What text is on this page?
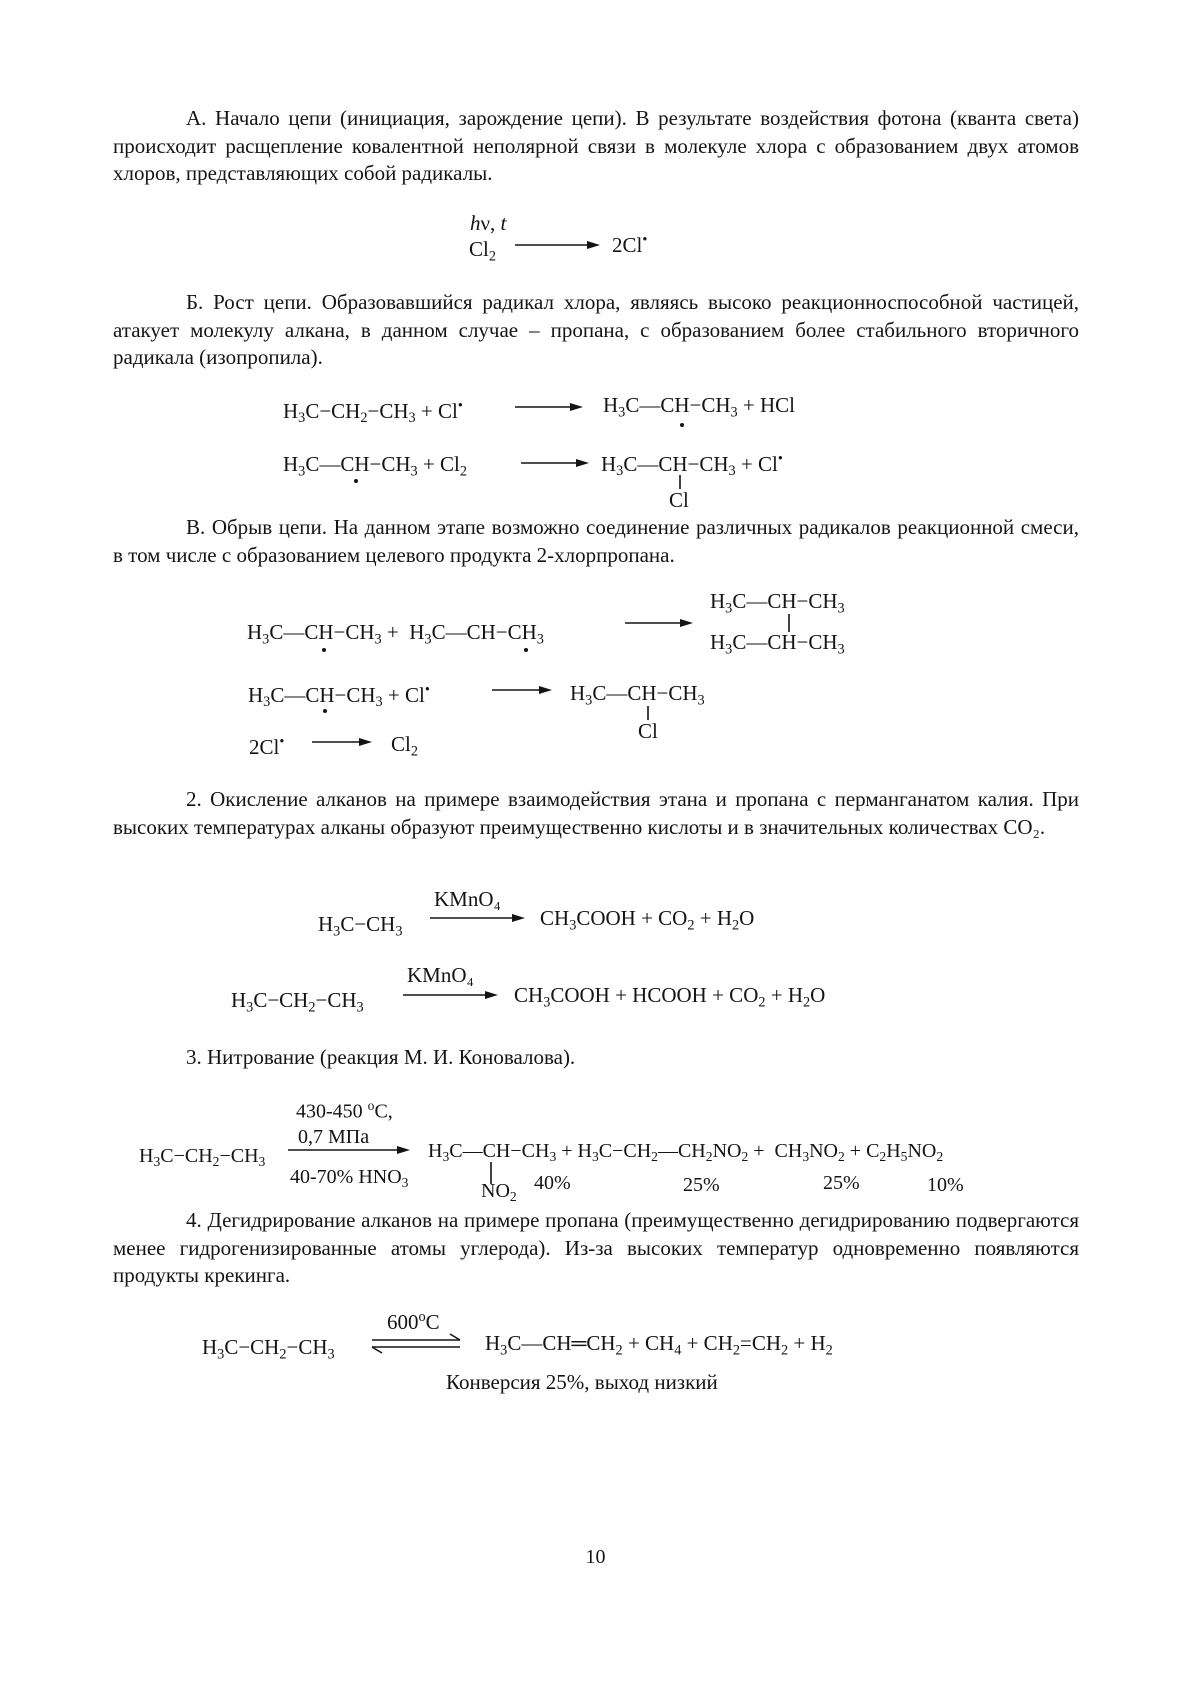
А. Начало цепи (инициация, зарождение цепи). В результате воздействия фотона (кванта света) происходит расщепление ковалентной неполярной связи в молекуле хлора с образованием двух атомов хлоров, представляющих собой радикалы.

hν, t
$Cl_2$	2Cl•

Б. Рост цепи. Образовавшийся радикал хлора, являясь высоко реакционноспособной частицей, атакует молекулу алкана, в данном случае – пропана, с образованием более стабильного вторичного радикала (изопропила).

$H_3C-CH_2-CH_3 + Cl^•$	$H_3C—CH-CH_3$ + HCl
$H_3C—CH-CH_3 + Cl_2$	$H_3C—CH-CH_3 + Cl^•$
Cl

В. Обрыв цепи. На данном этапе возможно соединение различных радикалов реакционной смеси, в том числе с образованием целевого продукта 2-хлорпропана.

$H_3C—CH-CH_3$ +  $H_3C—CH-CH_3$
$H_3C—CH-CH_3$
$H_3C—CH-CH_3$
$H_3C—CH-CH_3 + Cl^•$	→ $H_3C—CH-CH_3$
Cl
$2Cl^• \to Cl_2$

2. Окисление алканов на примере взаимодействия этана и пропана с перманганатом калия. При высоких температурах алканы образуют преимущественно кислоты и в значительных количествах CO₂.

KMnO₄
$H_3C-CH_3$
$CH_3COOH + CO_2 + H_2O$
KMnO₄
$H_3C-CH_2-CH_3$
$CH_3COOH$ + HCOOH + $CO_2 + H_2O$

3. Нитрование (реакция М. И. Коновалова).

430-450 $^o$C,
0,7 МПа
$H_3C-CH_2-CH_3$
40-70% $HNO_3$
$H_3C—CH-CH_3$ + $H_3C-CH_2—CH_2NO_2 + CH_3NO_2 + C_2H_5NO_2$
$NO_2$
40%	25%	25%	10%

4. Дегидрирование алканов на примере пропана (преимущественно дегидрированию подвергаются менее гидрогенизированные атомы углерода). Из-за высоких температур одновременно появляются продукты крекинга.

600$^o$C
$H_3C-CH_2-CH_3$	$H_3C—CH═CH_2 + CH_4 + CH_2=CH_2 + H_2$
Конверсия 25%, выход низкий
10
